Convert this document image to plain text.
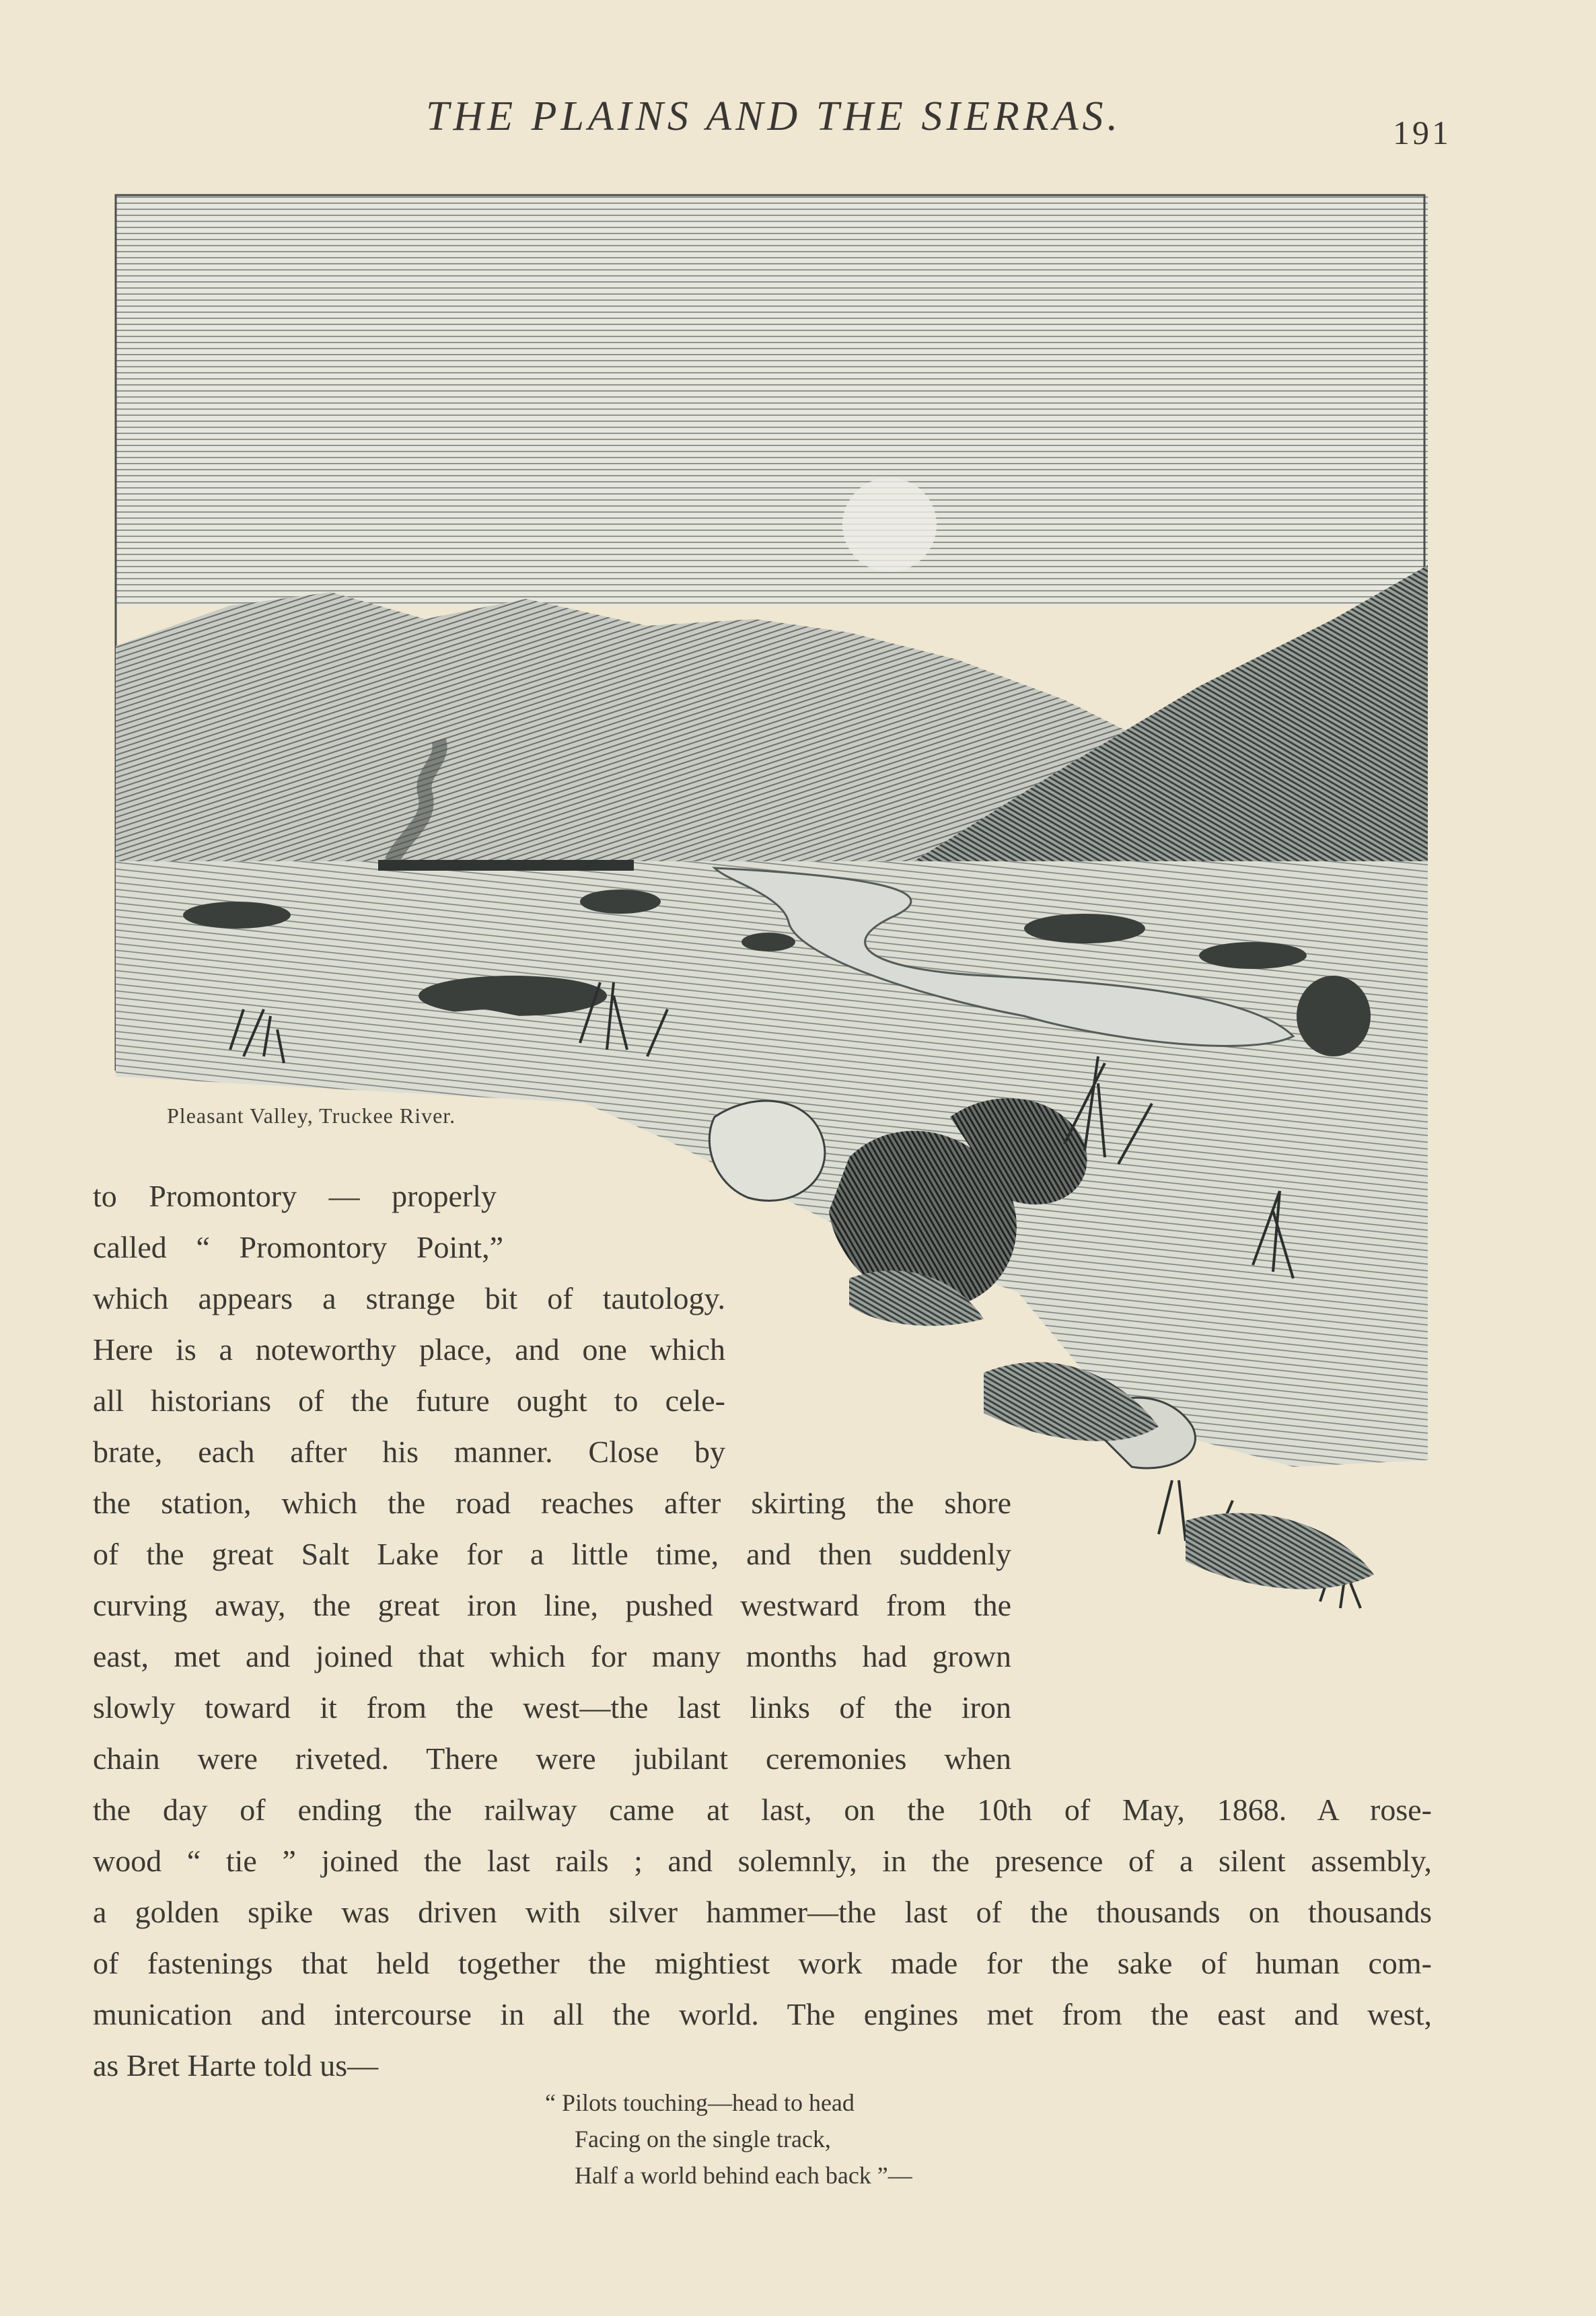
THE PLAINS AND THE SIERRAS.	191
Pleasant Valley, Truckee River.
to Promontory — properly
called “ Promontory Point,”
which appears a strange bit of tautology.
Here is a noteworthy place, and one which
all historians of the future ought to cele-
brate, each after his manner. Close by
the station, which the road reaches after skirting the shore
of the great Salt Lake for a little time, and then suddenly
curving away, the great iron line, pushed westward from the
east, met and joined that which for many months had grown
slowly toward it from the west—the last links of the iron
chain were riveted. There were jubilant ceremonies when
the day of ending the railway came at last, on the 10th of May, 1868. A rose-
wood “ tie ” joined the last rails ; and solemnly, in the presence of a silent assembly,
a golden spike was driven with silver hammer—the last of the thousands on thousands
of fastenings that held together the mightiest work made for the sake of human com-
munication and intercourse in all the world. The engines met from the east and west,
as Bret Harte told us—
“ Pilots touching—head to head
Facing on the single track,
Half a world behind each back ”—
